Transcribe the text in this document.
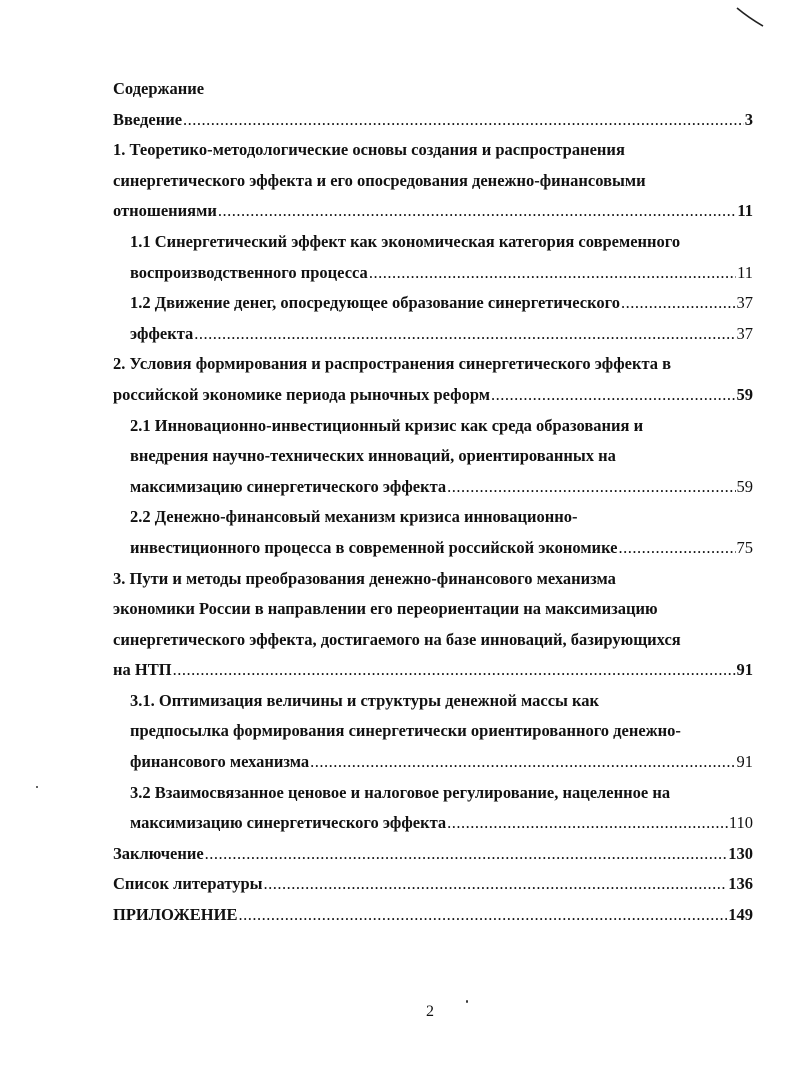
Содержание
Введение .....	3
1. Теоретико-методологические основы создания и распространения
синергетического эффекта и его опосредования денежно-финансовыми
отношениями .....	11
1.1 Синергетический эффект как экономическая категория современного
воспроизводственного процесса .....	11
1.2 Движение денег, опосредующее образование синергетического .....	37
эффекта .....	37
2. Условия формирования и распространения синергетического эффекта в
российской экономике периода рыночных реформ .....	59
2.1 Инновационно-инвестиционный кризис как среда образования и
внедрения научно-технических инноваций, ориентированных на
максимизацию синергетического эффекта .....	59
2.2 Денежно-финансовый механизм кризиса инновационно-
инвестиционного процесса в современной российской экономике .....	75
3. Пути и методы преобразования денежно-финансового механизма
экономики России в направлении его переориентации на максимизацию
синергетического эффекта, достигаемого на базе инноваций, базирующихся
на НТП .....	91
3.1. Оптимизация величины и структуры денежной массы как
предпосылка формирования синергетически ориентированного денежно-
финансового механизма .....	91
3.2 Взаимосвязанное ценовое и налоговое регулирование, нацеленное на
максимизацию синергетического эффекта .....	110
Заключение .....	130
Список литературы .....	136
ПРИЛОЖЕНИЕ .....	149
2
